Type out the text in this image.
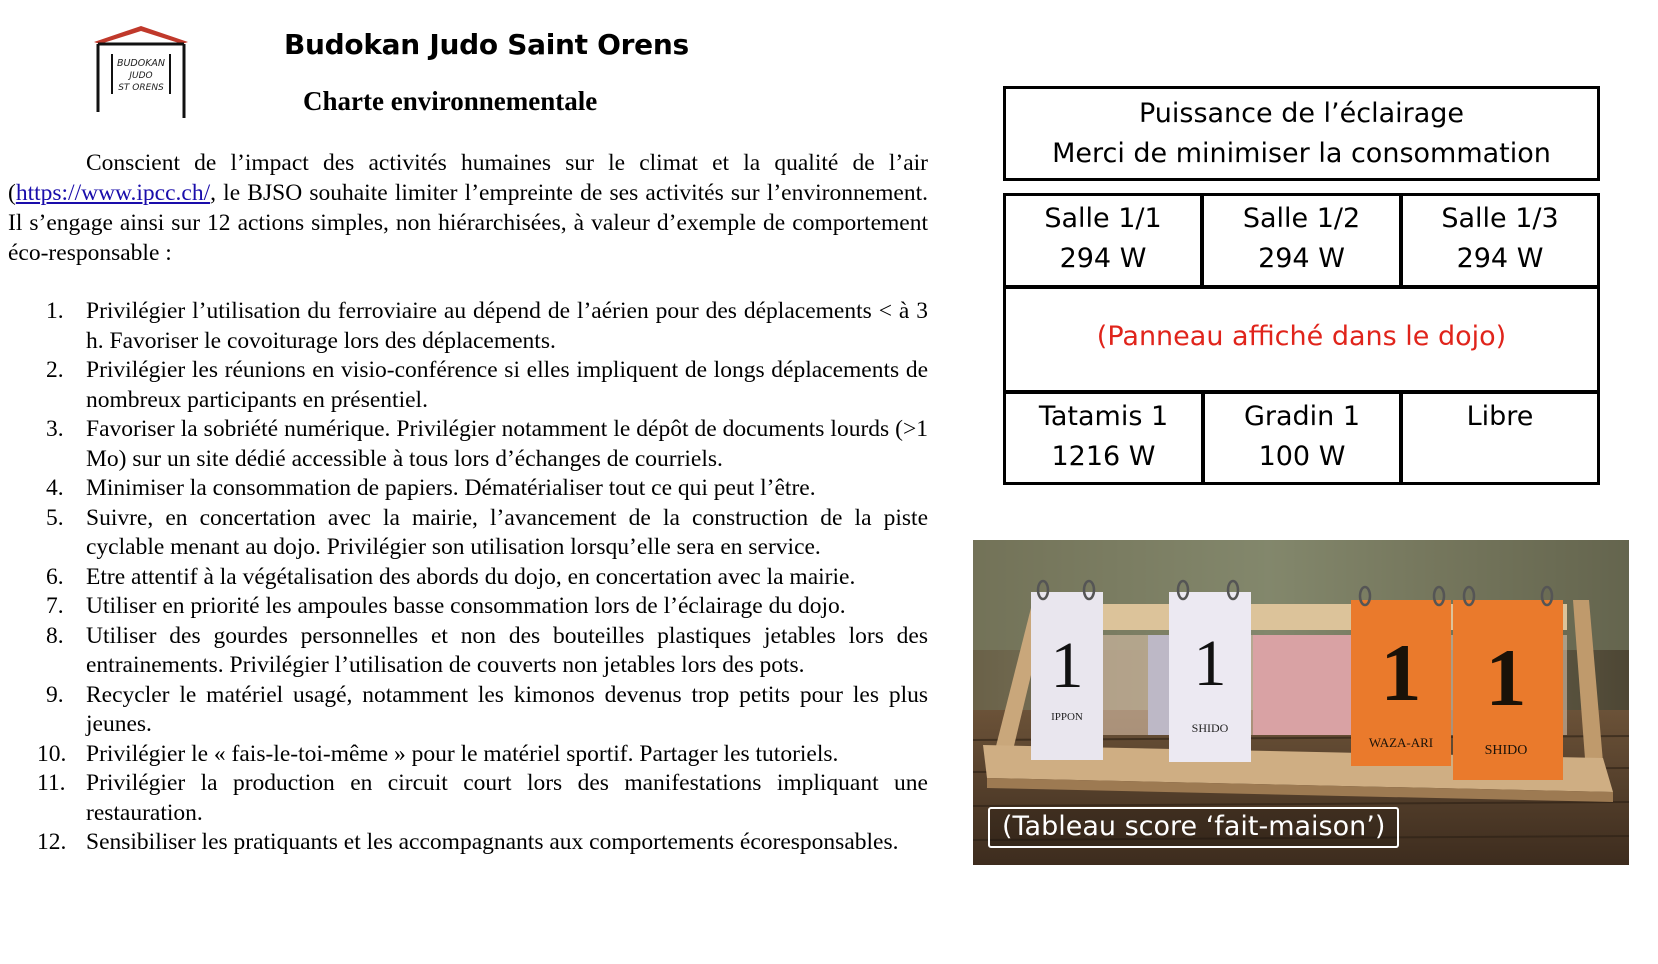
BUDOKAN
JUDO
ST ORENS
Budokan Judo Saint Orens
Charte environnementale

Conscient de l’impact des activités humaines sur le climat et la qualité de l’air (https://www.ipcc.ch/, le BJSO souhaite limiter l’empreinte de ses activités sur l’environnement. Il s’engage ainsi sur 12 actions simples, non hiérarchisées, à valeur d’exemple de comportement éco-responsable :

1. Privilégier l’utilisation du ferroviaire au dépend de l’aérien pour des déplacements < à 3 h. Favoriser le covoiturage lors des déplacements.
2. Privilégier les réunions en visio-conférence si elles impliquent de longs déplacements de nombreux participants en présentiel.
3. Favoriser la sobriété numérique. Privilégier notamment le dépôt de documents lourds (>1 Mo) sur un site dédié accessible à tous lors d’échanges de courriels.
4. Minimiser la consommation de papiers. Dématérialiser tout ce qui peut l’être.
5. Suivre, en concertation avec la mairie, l’avancement de la construction de la piste cyclable menant au dojo. Privilégier son utilisation lorsqu’elle sera en service.
6. Etre attentif à la végétalisation des abords du dojo, en concertation avec la mairie.
7. Utiliser en priorité les ampoules basse consommation lors de l’éclairage du dojo.
8. Utiliser des gourdes personnelles et non des bouteilles plastiques jetables lors des entrainements. Privilégier l’utilisation de couverts non jetables lors des pots.
9. Recycler le matériel usagé, notamment les kimonos devenus trop petits pour les plus jeunes.
10. Privilégier le « fais-le-toi-même » pour le matériel sportif. Partager les tutoriels.
11. Privilégier la production en circuit court lors des manifestations impliquant une restauration.
12. Sensibiliser les pratiquants et les accompagnants aux comportements écoresponsables.
Puissance de l’éclairage
Merci de minimiser la consommation
Salle 1/1
294 W
Salle 1/2
294 W
Salle 1/3
294 W
(Panneau affiché dans le dojo)
Tatamis 1
1216 W
Gradin 1
100 W
Libre
1
IPPON
1
SHIDO
1
WAZA-ARI
1
SHIDO
(Tableau score ‘fait-maison’)
